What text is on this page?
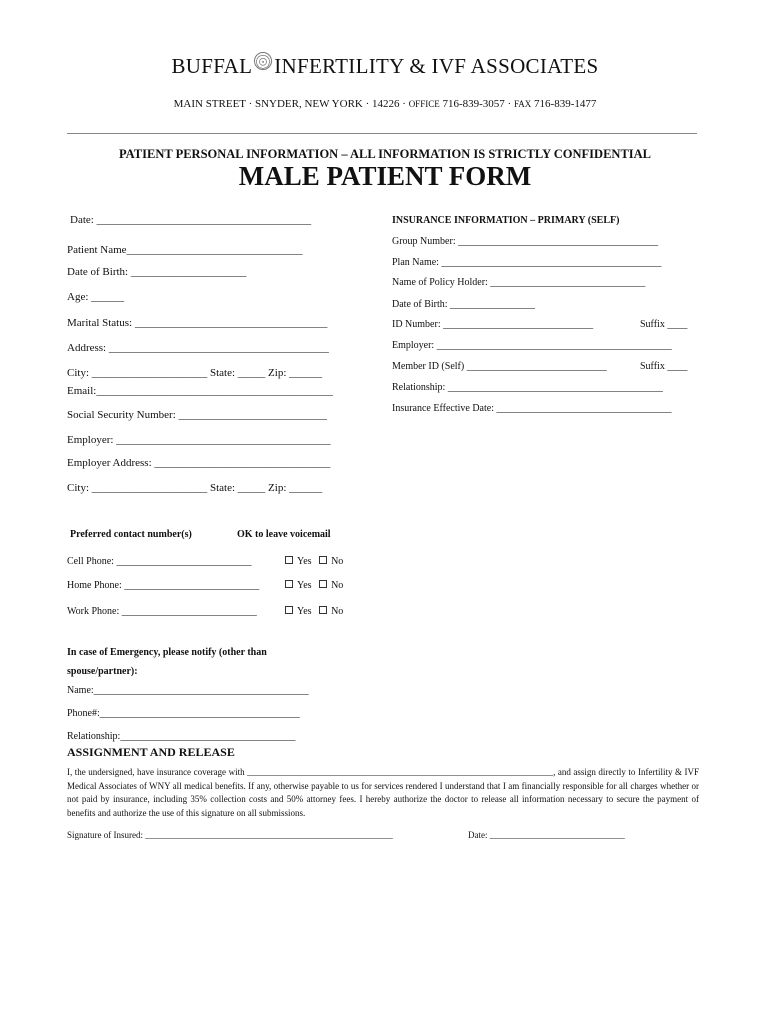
BUFFAL INFERTILITY & IVF ASSOCIATES
MAIN STREET · SNYDER, NEW YORK · 14226 · OFFICE 716-839-3057 · FAX 716-839-1477
PATIENT PERSONAL INFORMATION – ALL INFORMATION IS STRICTLY CONFIDENTIAL
MALE PATIENT FORM
Date: _______________________________________
Patient Name________________________________
Date of Birth: _____________________
Age: ______
Marital Status: ___________________________________
Address: ________________________________________
City: _____________________ State: _____ Zip: ______
Email:___________________________________________
Social Security Number: ___________________________
Employer: _______________________________________
Employer Address: ________________________________
City: _____________________ State: _____ Zip: ______
INSURANCE INFORMATION – PRIMARY (SELF)
Group Number: ________________________________________
Plan Name: ____________________________________________
Name of Policy Holder: _______________________________
Date of Birth: _________________
ID Number: ______________________________	Suffix ____
Employer: _______________________________________________
Member ID (Self) ____________________________	Suffix ____
Relationship: ___________________________________________
Insurance Effective Date: ___________________________________
Preferred contact number(s)	OK to leave voicemail
Cell Phone: ___________________________	Yes No
Home Phone: ___________________________	Yes No
Work Phone: ___________________________	Yes No
In case of Emergency, please notify (other than
spouse/partner):
Name:___________________________________________
Phone#:________________________________________
Relationship:___________________________________
ASSIGNMENT AND RELEASE
I, the undersigned, have insurance coverage with ____________________________________________________________________, and assign directly to Infertility & IVF Medical Associates of WNY all medical benefits. If any, otherwise payable to us for services rendered I understand that I am financially responsible for all charges whether or not paid by insurance, including 35% collection costs and 50% attorney fees. I hereby authorize the doctor to release all information necessary to secure the payment of benefits and authorize the use of this signature on all submissions.
Signature of Insured: _______________________________________________________	Date: ______________________________
